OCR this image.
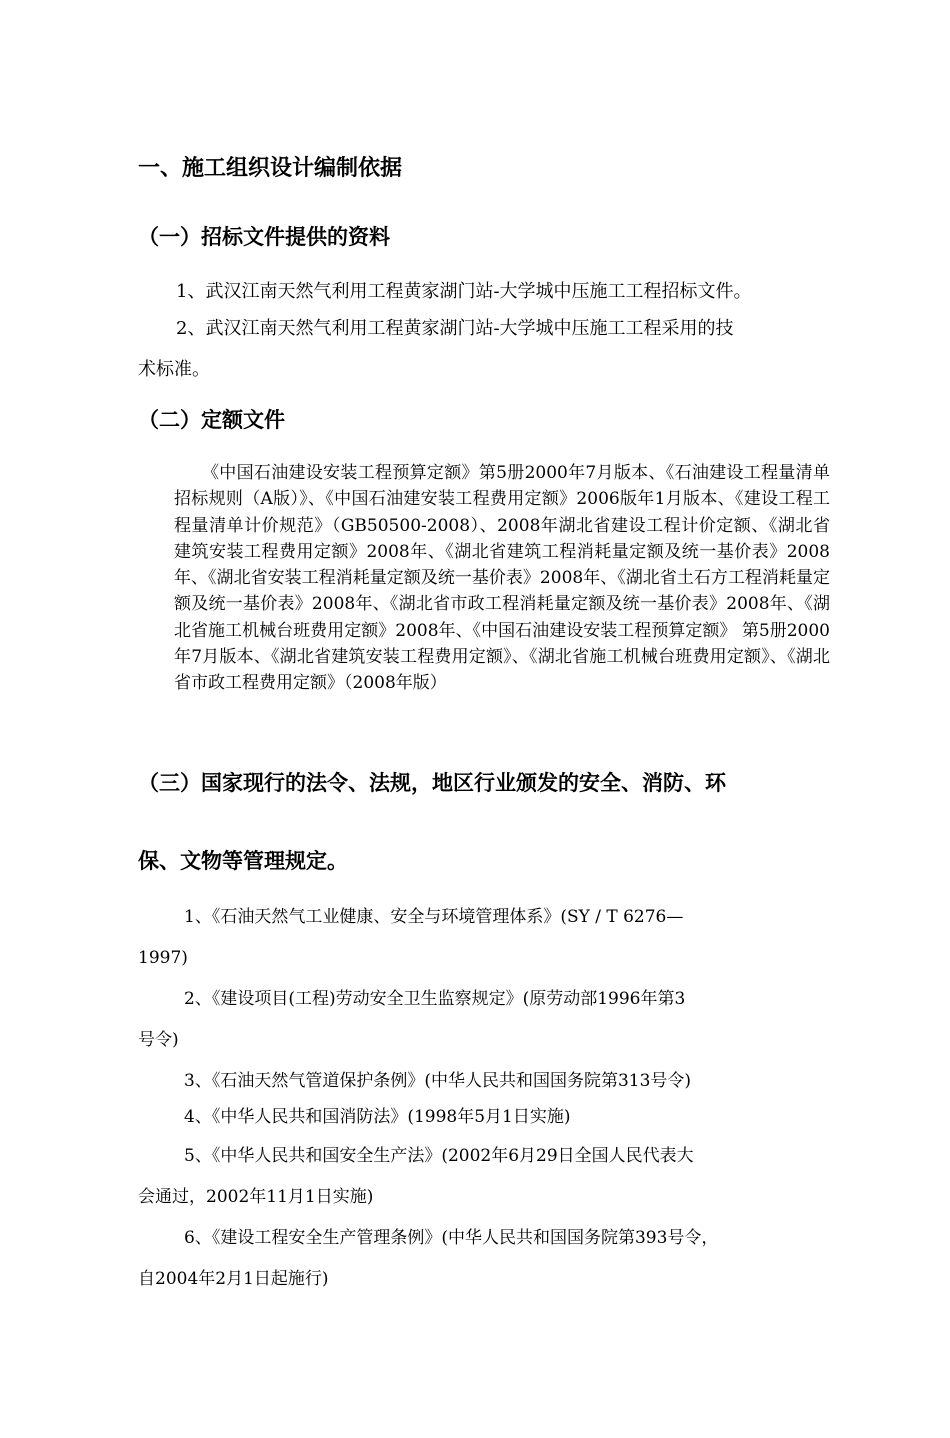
一、施工组织设计编制依据
（一）招标文件提供的资料
1、武汉江南天然气利用工程黄家湖门站-大学城中压施工工程招标文件。
2、武汉江南天然气利用工程黄家湖门站-大学城中压施工工程采用的技
术标准。
（二）定额文件
《中国石油建设安装工程预算定额》第5册2000年7月版本、《石油建设工程量清单招标规则（A版）》、《中国石油建安装工程费用定额》2006版年1月版本、《建设工程工程量清单计价规范》（GB50500-2008）、2008年湖北省建设工程计价定额、《湖北省建筑安装工程费用定额》2008年、《湖北省建筑工程消耗量定额及统一基价表》2008年、《湖北省安装工程消耗量定额及统一基价表》2008年、《湖北省土石方工程消耗量定额及统一基价表》2008年、《湖北省市政工程消耗量定额及统一基价表》2008年、《湖北省施工机械台班费用定额》2008年、《中国石油建设安装工程预算定额》 第5册2000年7月版本、《湖北省建筑安装工程费用定额》、《湖北省施工机械台班费用定额》、《湖北省市政工程费用定额》（2008年版）
（三）国家现行的法令、法规，地区行业颁发的安全、消防、环
保、文物等管理规定。
1、《石油天然气工业健康、安全与环境管理体系》(SY / T 6276—
1997)
2、《建设项目(工程)劳动安全卫生监察规定》(原劳动部1996年第3
号令)
3、《石油天然气管道保护条例》(中华人民共和国国务院第313号令)
4、《中华人民共和国消防法》(1998年5月1日实施)
5、《中华人民共和国安全生产法》(2002年6月29日全国人民代表大
会通过，2002年11月1日实施)
6、《建设工程安全生产管理条例》(中华人民共和国国务院第393号令，
自2004年2月1日起施行)
